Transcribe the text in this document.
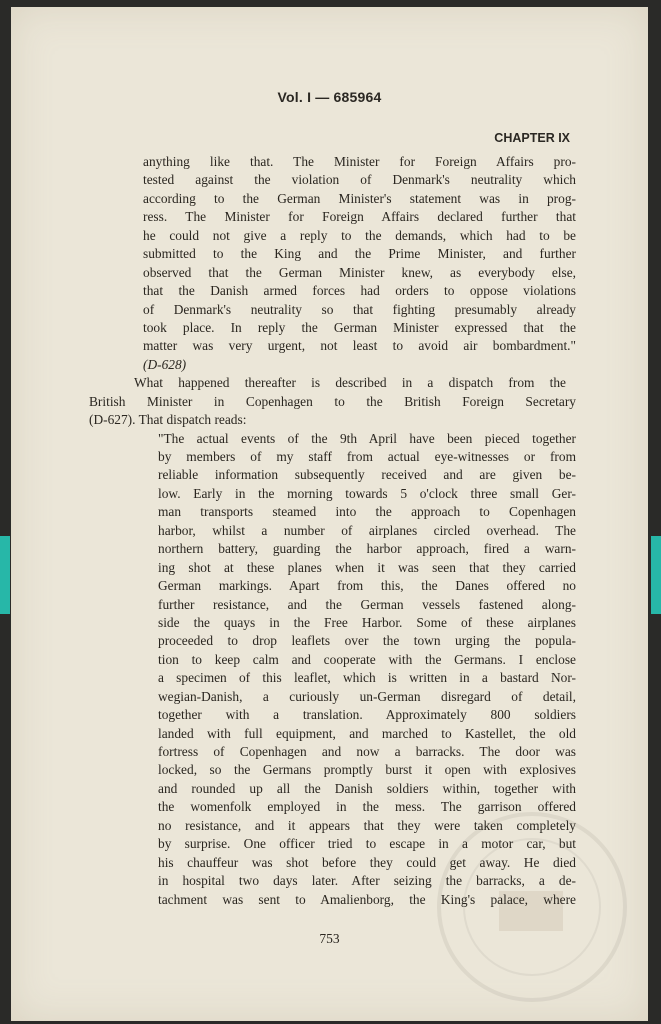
Vol. I — 685964
CHAPTER IX
anything like that. The Minister for Foreign Affairs pro-
tested against the violation of Denmark's neutrality which
according to the German Minister's statement was in prog-
ress. The Minister for Foreign Affairs declared further that
he could not give a reply to the demands, which had to be
submitted to the King and the Prime Minister, and further
observed that the German Minister knew, as everybody else,
that the Danish armed forces had orders to oppose violations
of Denmark's neutrality so that fighting presumably already
took place. In reply the German Minister expressed that the
matter was very urgent, not least to avoid air bombardment."
(D-628)
What happened thereafter is described in a dispatch from the
British Minister in Copenhagen to the British Foreign Secretary
(D-627). That dispatch reads:
"The actual events of the 9th April have been pieced together
by members of my staff from actual eye-witnesses or from
reliable information subsequently received and are given be-
low. Early in the morning towards 5 o'clock three small Ger-
man transports steamed into the approach to Copenhagen
harbor, whilst a number of airplanes circled overhead. The
northern battery, guarding the harbor approach, fired a warn-
ing shot at these planes when it was seen that they carried
German markings. Apart from this, the Danes offered no
further resistance, and the German vessels fastened along-
side the quays in the Free Harbor. Some of these airplanes
proceeded to drop leaflets over the town urging the popula-
tion to keep calm and cooperate with the Germans. I enclose
a specimen of this leaflet, which is written in a bastard Nor-
wegian-Danish, a curiously un-German disregard of detail,
together with a translation. Approximately 800 soldiers
landed with full equipment, and marched to Kastellet, the old
fortress of Copenhagen and now a barracks. The door was
locked, so the Germans promptly burst it open with explosives
and rounded up all the Danish soldiers within, together with
the womenfolk employed in the mess. The garrison offered
no resistance, and it appears that they were taken completely
by surprise. One officer tried to escape in a motor car, but
his chauffeur was shot before they could get away. He died
in hospital two days later. After seizing the barracks, a de-
tachment was sent to Amalienborg, the King's palace, where
753
